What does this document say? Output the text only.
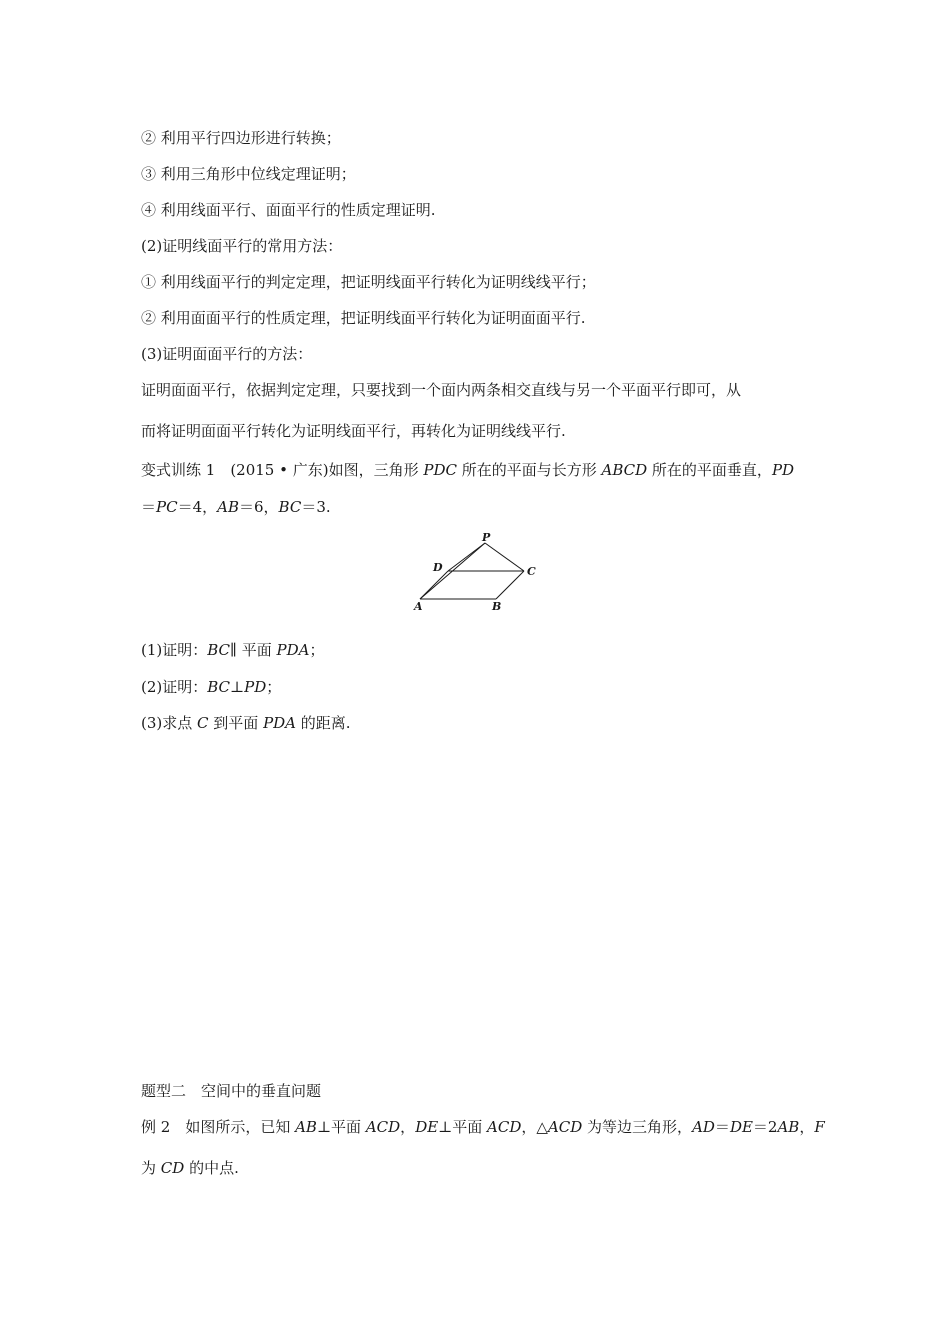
② 利用平行四边形进行转换；
③ 利用三角形中位线定理证明；
④ 利用线面平行、面面平行的性质定理证明.
(2)证明线面平行的常用方法：
① 利用线面平行的判定定理，把证明线面平行转化为证明线线平行；
② 利用面面平行的性质定理，把证明线面平行转化为证明面面平行.
(3)证明面面平行的方法：
证明面面平行，依据判定定理，只要找到一个面内两条相交直线与另一个平面平行即可，从
而将证明面面平行转化为证明线面平行，再转化为证明线线平行.
变式训练 1　 (2015 • 广东)如图，三角形 PDC 所在的平面与长方形 ABCD 所在的平面垂直，PD
＝PC＝4，AB＝6，BC＝3.
P
D	C
A	B
(1)证明：BC∥ 平面 PDA；
(2)证明：BC⊥PD；
(3)求点 C 到平面 PDA 的距离.
题型二　空间中的垂直问题
例 2　如图所示，已知 AB⊥平面 ACD，DE⊥平面 ACD，△ACD 为等边三角形，AD＝DE＝2AB，F
为 CD 的中点.
